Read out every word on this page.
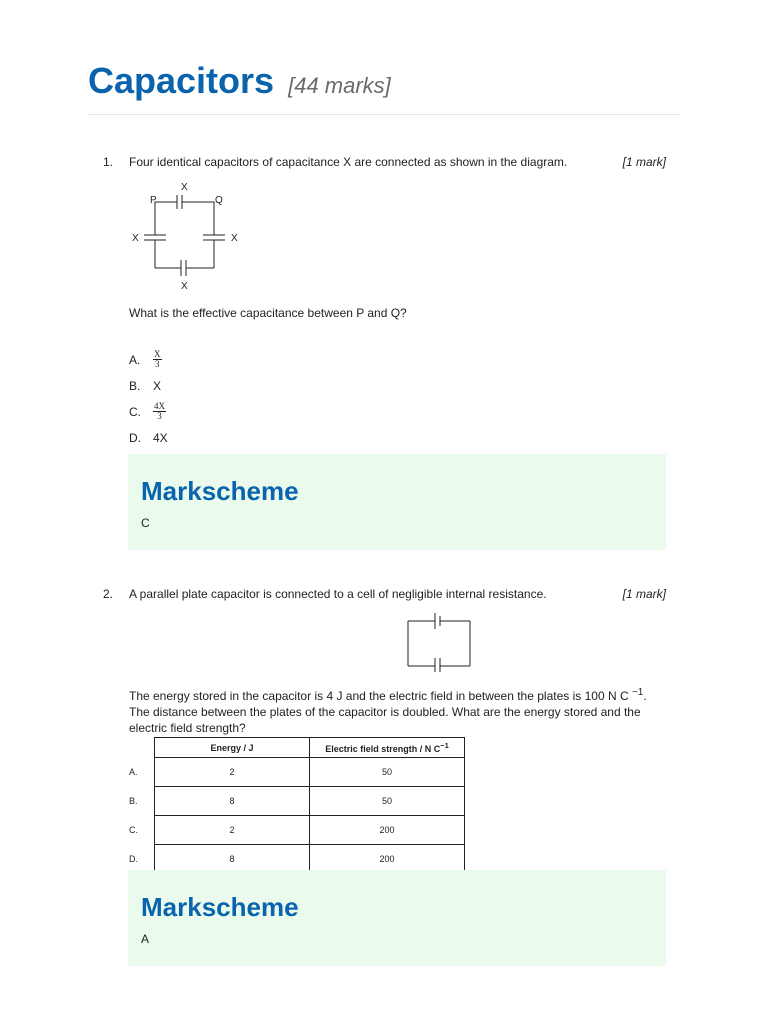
Capacitors [44 marks]
1. Four identical capacitors of capacitance X are connected as shown in the diagram.	[1 mark]
X
P	Q
X	X
X
What is the effective capacitance between P and Q?
A.	$\frac{X}{3}$
B.	X
C.	$\frac{4X}{3}$
D.	4X
Markscheme
C
2. A parallel plate capacitor is connected to a cell of negligible internal resistance.	[1 mark]
The energy stored in the capacitor is 4 J and the electric field in between the plates is 100 N C $^{-1}$. The distance between the plates of the capacitor is doubled. What are the energy stored and the electric field strength?
	Energy / J	Electric field strength / N $C^{-1}$
A.	2	50
B.	8	50
C.	2	200
D.	8	200
Markscheme
A
